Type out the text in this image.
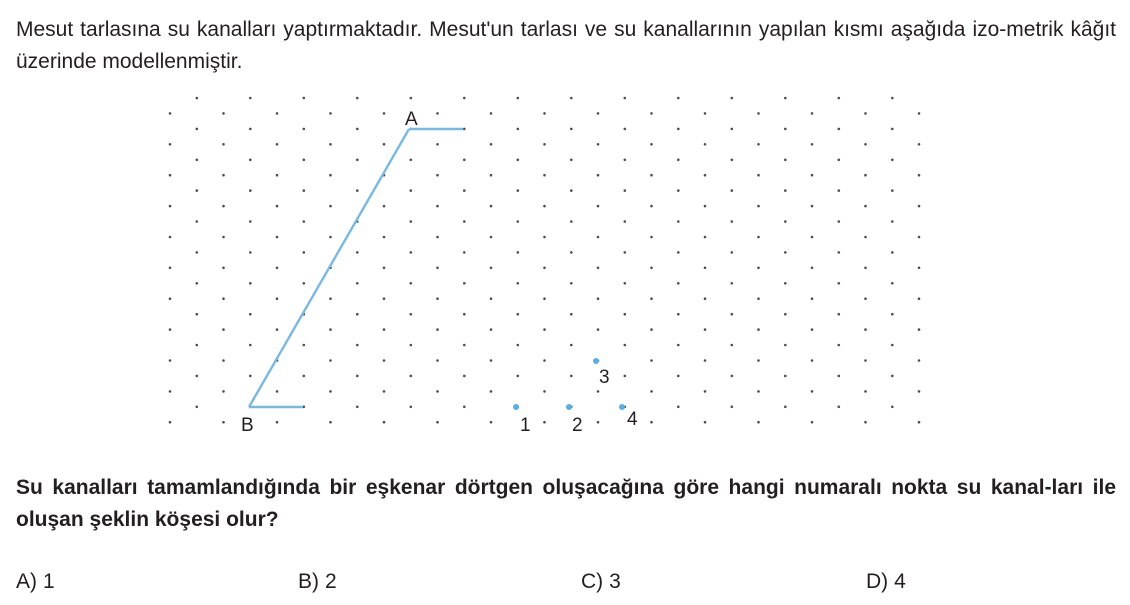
Mesut tarlasına su kanalları yaptırmaktadır. Mesut'un tarlası ve su kanallarının yapılan kısmı aşağıda izo-metrik kâğıt üzerinde modellenmiştir.

A
B	1 2
3
4

Su kanalları tamamlandığında bir eşkenar dörtgen oluşacağına göre hangi numaralı nokta su kanal-ları ile oluşan şeklin köşesi olur?

A) 1	B) 2	C) 3	D) 4
